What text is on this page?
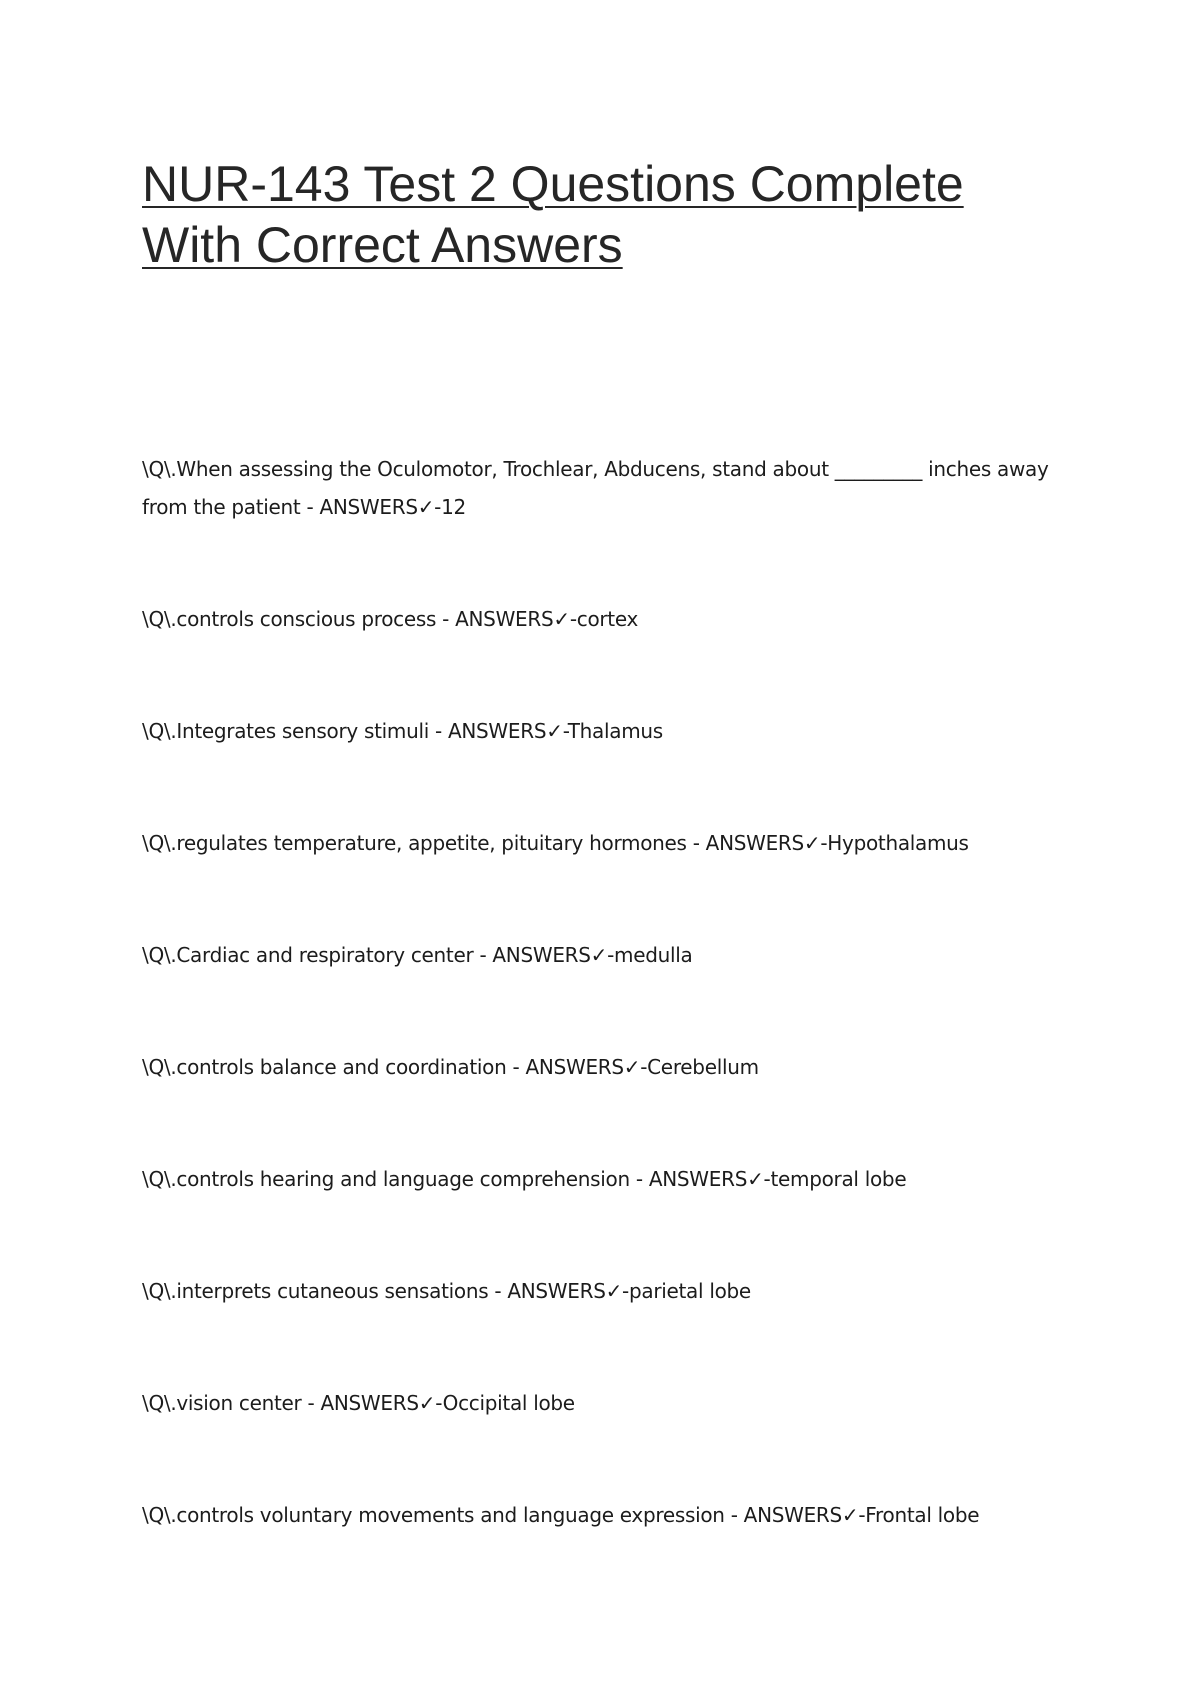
NUR-143 Test 2 Questions Complete With Correct Answers
\Q\.When assessing the Oculomotor, Trochlear, Abducens, stand about _________ inches away from the patient - ANSWERS✓-12
\Q\.controls conscious process - ANSWERS✓-cortex
\Q\.Integrates sensory stimuli - ANSWERS✓-Thalamus
\Q\.regulates temperature, appetite, pituitary hormones - ANSWERS✓-Hypothalamus
\Q\.Cardiac and respiratory center - ANSWERS✓-medulla
\Q\.controls balance and coordination - ANSWERS✓-Cerebellum
\Q\.controls hearing and language comprehension - ANSWERS✓-temporal lobe
\Q\.interprets cutaneous sensations - ANSWERS✓-parietal lobe
\Q\.vision center - ANSWERS✓-Occipital lobe
\Q\.controls voluntary movements and language expression - ANSWERS✓-Frontal lobe
